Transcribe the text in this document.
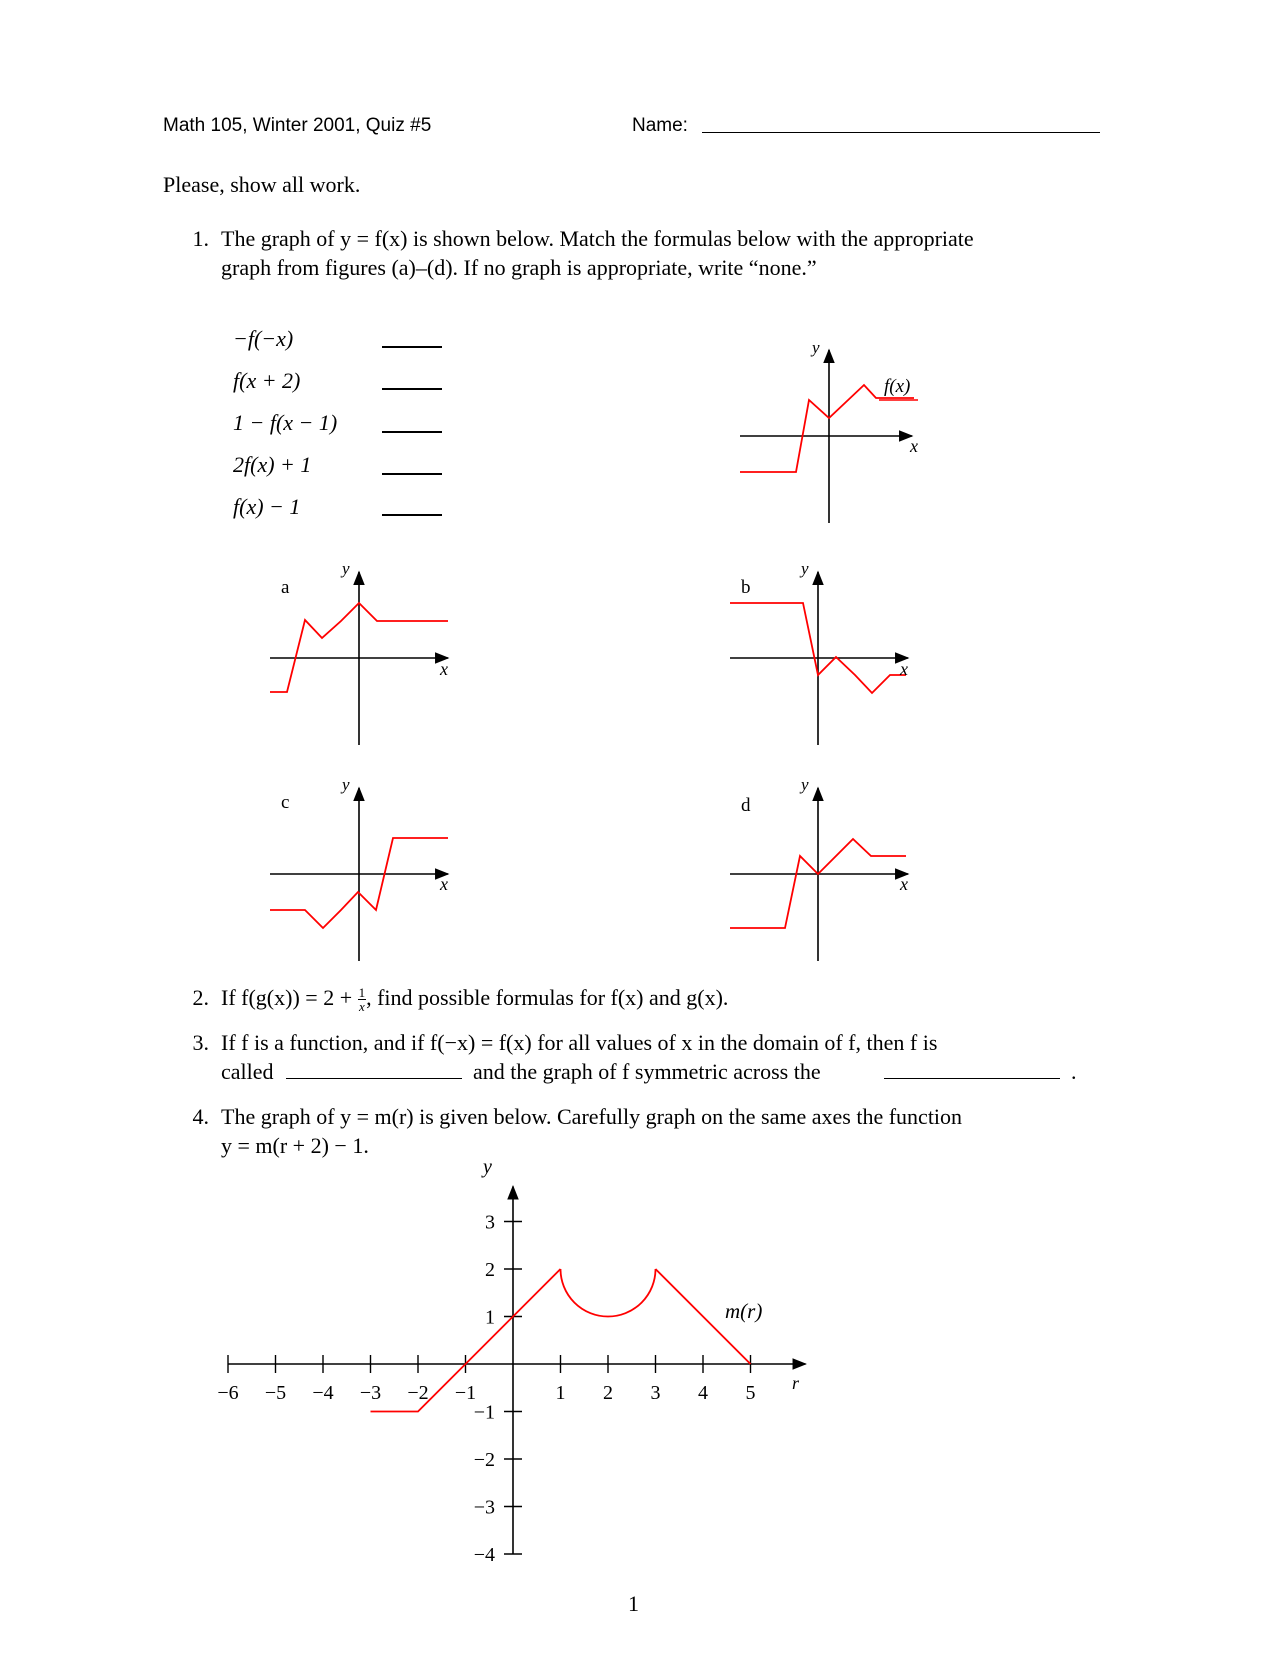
Math 105, Winter 2001, Quiz #5	Name:
Please, show all work.
1. The graph of y = f(x) is shown below. Match the formulas below with the appropriate
graph from figures (a)–(d). If no graph is appropriate, write “none.”
−f(−x)
f(x + 2)
1 − f(x − 1)
2f(x) + 1
f(x) − 1
y
x
f(x)
a
y
x
b
y
x
c
y
x
d
y
x
2. If $f(g(x)) = 2 + \frac{1}{x}$ , find possible formulas for f(x) and g(x).
3. If f is a function, and if f(−x) = f(x) for all values of x in the domain of f, then f is
called	and the graph of f symmetric across the	.
4. The graph of y = m(r) is given below. Carefully graph on the same axes the function
y = m(r + 2) − 1.
−6 −5 −4 −3 −2 −1	1 2 3 4 5
3
2
1
−1
−2
−3
−4
y
r
m(r)
1
